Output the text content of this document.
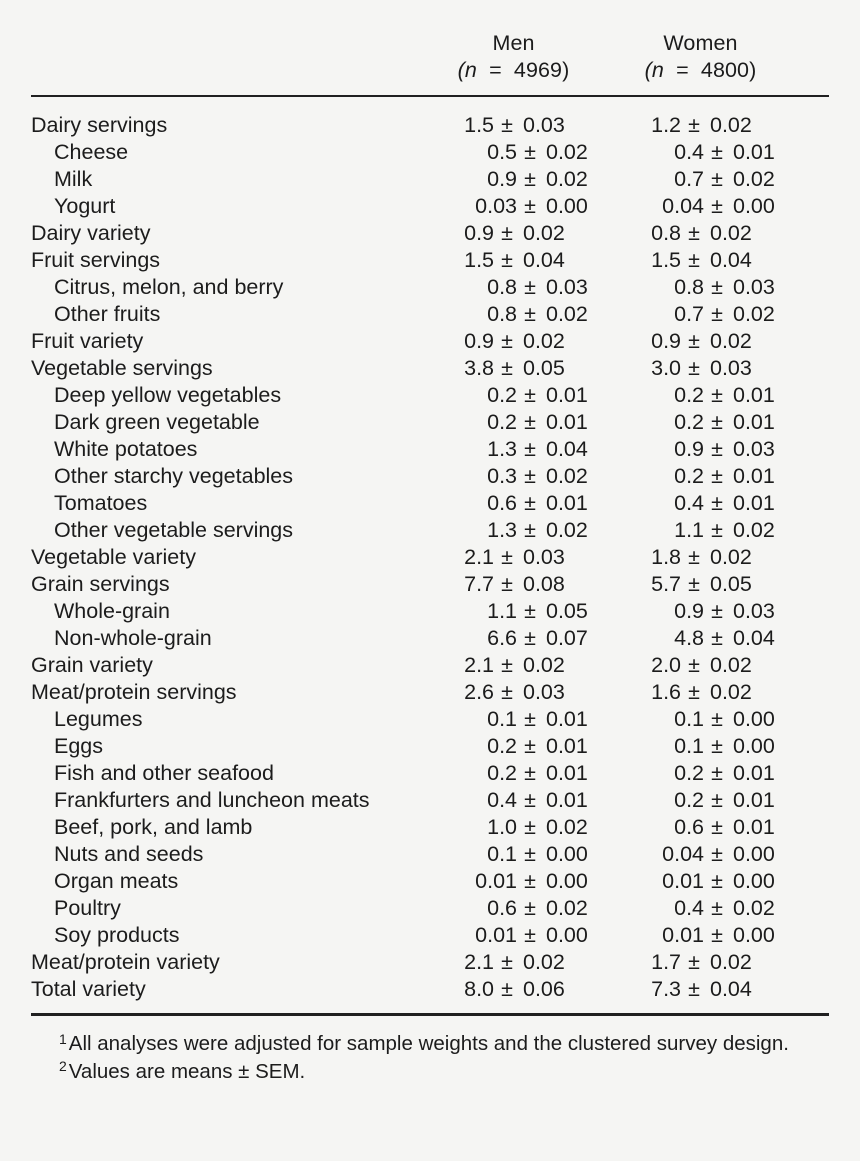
Men
(n  =  4969)
Women
(n  =  4800)
Dairy servings	1.5 ± 0.03	1.2 ± 0.02
Cheese	0.5 ± 0.02	0.4 ± 0.01
Milk	0.9 ± 0.02	0.7 ± 0.02
Yogurt	0.03 ± 0.00	0.04 ± 0.00
Dairy variety	0.9 ± 0.02	0.8 ± 0.02
Fruit servings	1.5 ± 0.04	1.5 ± 0.04
Citrus, melon, and berry	0.8 ± 0.03	0.8 ± 0.03
Other fruits	0.8 ± 0.02	0.7 ± 0.02
Fruit variety	0.9 ± 0.02	0.9 ± 0.02
Vegetable servings	3.8 ± 0.05	3.0 ± 0.03
Deep yellow vegetables	0.2 ± 0.01	0.2 ± 0.01
Dark green vegetable	0.2 ± 0.01	0.2 ± 0.01
White potatoes	1.3 ± 0.04	0.9 ± 0.03
Other starchy vegetables	0.3 ± 0.02	0.2 ± 0.01
Tomatoes	0.6 ± 0.01	0.4 ± 0.01
Other vegetable servings	1.3 ± 0.02	1.1 ± 0.02
Vegetable variety	2.1 ± 0.03	1.8 ± 0.02
Grain servings	7.7 ± 0.08	5.7 ± 0.05
Whole-grain	1.1 ± 0.05	0.9 ± 0.03
Non-whole-grain	6.6 ± 0.07	4.8 ± 0.04
Grain variety	2.1 ± 0.02	2.0 ± 0.02
Meat/protein servings	2.6 ± 0.03	1.6 ± 0.02
Legumes	0.1 ± 0.01	0.1 ± 0.00
Eggs	0.2 ± 0.01	0.1 ± 0.00
Fish and other seafood	0.2 ± 0.01	0.2 ± 0.01
Frankfurters and luncheon meats	0.4 ± 0.01	0.2 ± 0.01
Beef, pork, and lamb	1.0 ± 0.02	0.6 ± 0.01
Nuts and seeds	0.1 ± 0.00	0.04 ± 0.00
Organ meats	0.01 ± 0.00	0.01 ± 0.00
Poultry	0.6 ± 0.02	0.4 ± 0.02
Soy products	0.01 ± 0.00	0.01 ± 0.00
Meat/protein variety	2.1 ± 0.02	1.7 ± 0.02
Total variety	8.0 ± 0.06	7.3 ± 0.04

$^1$All analyses were adjusted for sample weights and the clustered survey design.

$^2$Values are means ± SEM.
